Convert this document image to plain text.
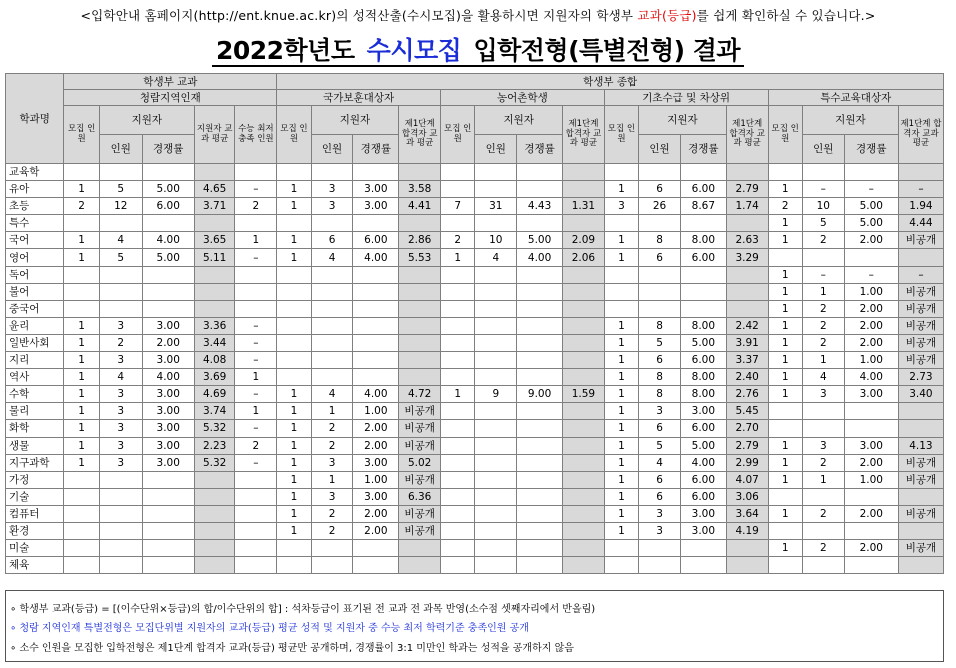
<입학안내 홈페이지(http://ent.knue.ac.kr)의 성적산출(수시모집)을 활용하시면 지원자의 학생부 교과(등급)를 쉽게 확인하실 수 있습니다.>
2022학년도 수시모집 입학전형(특별전형) 결과
학과명	학생부 교과					학생부 종합															
	청람지역인재					국가보훈대상자				농어촌학생				기초수급 및 차상위				특수교육대상자			
	모집 인원	지원자		지원자 교과 평균	수능 최저 충족 인원	모집 인원	지원자		제1단계 합격자 교과 평균	모집 인원	지원자		제1단계 합격자 교과 평균	모집 인원	지원자		제1단계 합격자 교과 평균	모집 인원	지원자		제1단계 합격자 교과 평균
		인원	경쟁률				인원	경쟁률			인원	경쟁률			인원	경쟁률			인원	경쟁률	
교육학																					
유아	1	5	5.00	4.65	–	1	3	3.00	3.58					1	6	6.00	2.79	1	–	–	–
초등	2	12	6.00	3.71	2	1	3	3.00	4.41	7	31	4.43	1.31	3	26	8.67	1.74	2	10	5.00	1.94
특수																		1	5	5.00	4.44
국어	1	4	4.00	3.65	1	1	6	6.00	2.86	2	10	5.00	2.09	1	8	8.00	2.63	1	2	2.00	비공개
영어	1	5	5.00	5.11	–	1	4	4.00	5.53	1	4	4.00	2.06	1	6	6.00	3.29				
독어																		1	–	–	–
불어																		1	1	1.00	비공개
중국어																		1	2	2.00	비공개
윤리	1	3	3.00	3.36	–									1	8	8.00	2.42	1	2	2.00	비공개
일반사회	1	2	2.00	3.44	–									1	5	5.00	3.91	1	2	2.00	비공개
지리	1	3	3.00	4.08	–									1	6	6.00	3.37	1	1	1.00	비공개
역사	1	4	4.00	3.69	1									1	8	8.00	2.40	1	4	4.00	2.73
수학	1	3	3.00	4.69	–	1	4	4.00	4.72	1	9	9.00	1.59	1	8	8.00	2.76	1	3	3.00	3.40
물리	1	3	3.00	3.74	1	1	1	1.00	비공개					1	3	3.00	5.45				
화학	1	3	3.00	5.32	–	1	2	2.00	비공개					1	6	6.00	2.70				
생물	1	3	3.00	2.23	2	1	2	2.00	비공개					1	5	5.00	2.79	1	3	3.00	4.13
지구과학	1	3	3.00	5.32	–	1	3	3.00	5.02					1	4	4.00	2.99	1	2	2.00	비공개
가정						1	1	1.00	비공개					1	6	6.00	4.07	1	1	1.00	비공개
기술						1	3	3.00	6.36					1	6	6.00	3.06				
컴퓨터						1	2	2.00	비공개					1	3	3.00	3.64	1	2	2.00	비공개
환경						1	2	2.00	비공개					1	3	3.00	4.19				
미술																		1	2	2.00	비공개
체육																					
∘ 학생부 교과(등급) = [(이수단위×등급)의 합/이수단위의 합] : 석차등급이 표기된 전 교과 전 과목 반영(소수점 셋째자리에서 반올림)
∘ 청람 지역인재 특별전형은 모집단위별 지원자의 교과(등급) 평균 성적 및 지원자 중 수능 최저 학력기준 충족인원 공개
∘ 소수 인원을 모집한 입학전형은 제1단계 합격자 교과(등급) 평균만 공개하며, 경쟁률이 3:1 미만인 학과는 성적을 공개하지 않음
